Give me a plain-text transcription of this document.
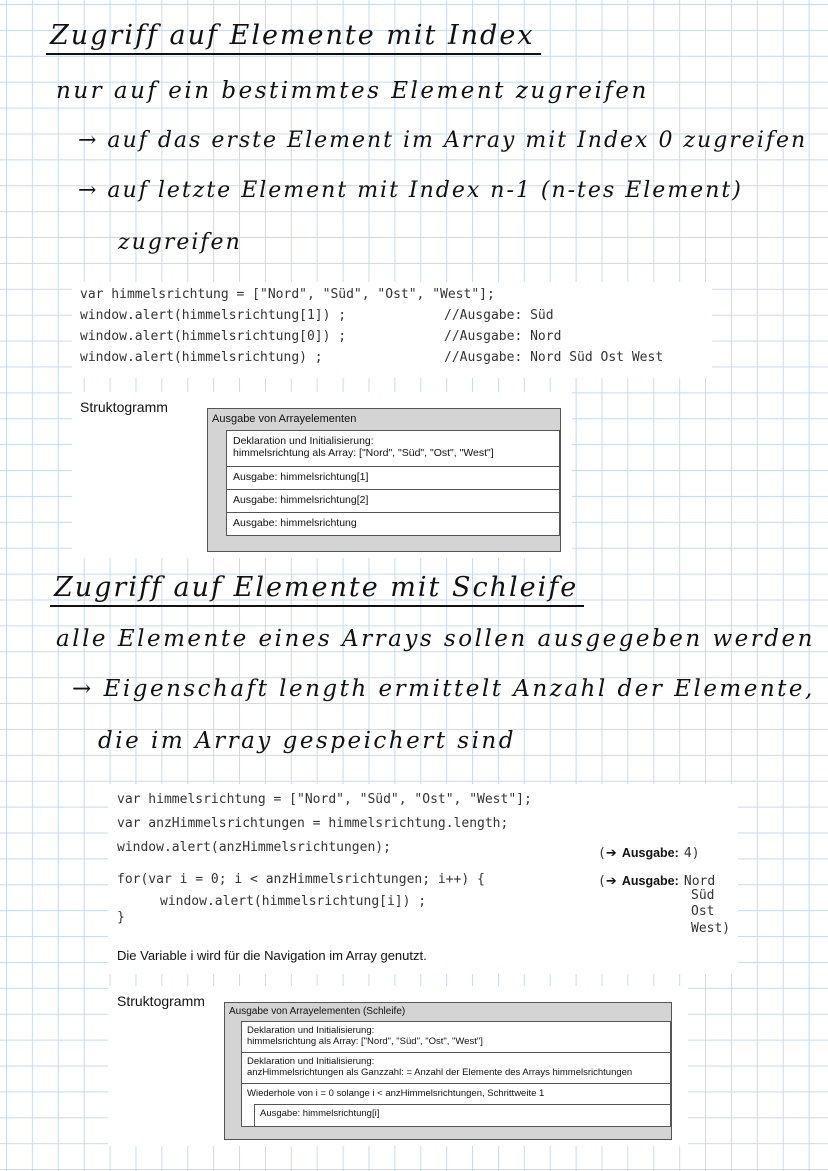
Zugriff auf Elemente mit Index
nur auf ein bestimmtes Element zugreifen
→ auf das erste Element im Array mit Index 0 zugreifen
→ auf letzte Element mit Index n-1 (n-tes Element)
zugreifen
var himmelsrichtung = ["Nord", "Süd", "Ost", "West"];
window.alert(himmelsrichtung[1]) ;
window.alert(himmelsrichtung[0]) ;
window.alert(himmelsrichtung) ;
//Ausgabe: Süd
//Ausgabe: Nord
//Ausgabe: Nord Süd Ost West
Struktogramm
Ausgabe von Arrayelementen
Deklaration und Initialisierung:
himmelsrichtung als Array: ["Nord", "Süd", "Ost", "West"]
Ausgabe: himmelsrichtung[1]
Ausgabe: himmelsrichtung[2]
Ausgabe: himmelsrichtung
Zugriff auf Elemente mit Schleife
alle Elemente eines Arrays sollen ausgegeben werden
→ Eigenschaft length ermittelt Anzahl der Elemente,
die im Array gespeichert sind
var himmelsrichtung = ["Nord", "Süd", "Ost", "West"];
var anzHimmelsrichtungen = himmelsrichtung.length;
window.alert(anzHimmelsrichtungen);
for(var i = 0; i < anzHimmelsrichtungen; i++) {
window.alert(himmelsrichtung[i]) ;
}
(➔ Ausgabe: 4)
(➔ Ausgabe: Nord
Süd
Ost
West)
Die Variable i wird für die Navigation im Array genutzt.
Struktogramm
Ausgabe von Arrayelementen (Schleife)
Deklaration und Initialisierung:
himmelsrichtung als Array: ["Nord", "Süd", "Ost", "West"]
Deklaration und Initialisierung:
anzHimmelsrichtungen als Ganzzahl: = Anzahl der Elemente des Arrays himmelsrichtungen
Wiederhole von i = 0 solange i < anzHimmelsrichtungen, Schrittweite 1
Ausgabe: himmelsrichtung[i]
